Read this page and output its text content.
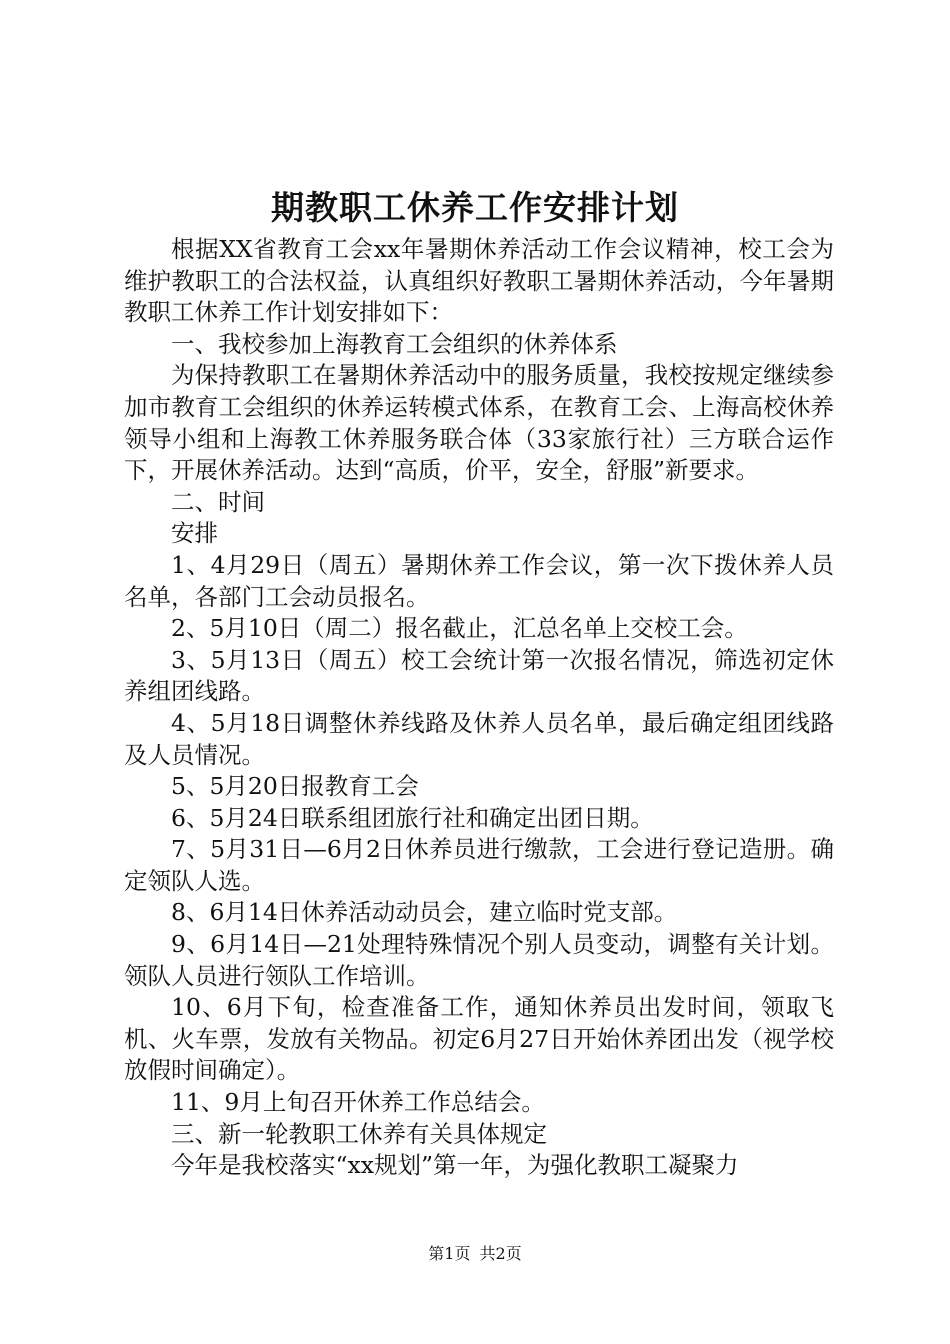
期教职工休养工作安排计划

根据XX省教育工会xx年暑期休养活动工作会议精神，校工会为维护教职工的合法权益，认真组织好教职工暑期休养活动，今年暑期教职工休养工作计划安排如下：

一、我校参加上海教育工会组织的休养体系

为保持教职工在暑期休养活动中的服务质量，我校按规定继续参加市教育工会组织的休养运转模式体系，在教育工会、上海高校休养领导小组和上海教工休养服务联合体（33家旅行社）三方联合运作下，开展休养活动。达到“高质，价平，安全，舒服”新要求。

二、时间

安排

1、4月29日（周五）暑期休养工作会议，第一次下拨休养人员名单，各部门工会动员报名。

2、5月10日（周二）报名截止，汇总名单上交校工会。

3、5月13日（周五）校工会统计第一次报名情况，筛选初定休养组团线路。

4、5月18日调整休养线路及休养人员名单，最后确定组团线路及人员情况。

5、5月20日报教育工会

6、5月24日联系组团旅行社和确定出团日期。

7、5月31日—6月2日休养员进行缴款，工会进行登记造册。确定领队人选。

8、6月14日休养活动动员会，建立临时党支部。

9、6月14日—21处理特殊情况个别人员变动，调整有关计划。领队人员进行领队工作培训。

10、6月下旬，检查准备工作，通知休养员出发时间，领取飞机、火车票，发放有关物品。初定6月27日开始休养团出发（视学校放假时间确定）。

11、9月上旬召开休养工作总结会。

三、新一轮教职工休养有关具体规定

今年是我校落实“xx规划”第一年，为强化教职工凝聚力

第1页 共2页
